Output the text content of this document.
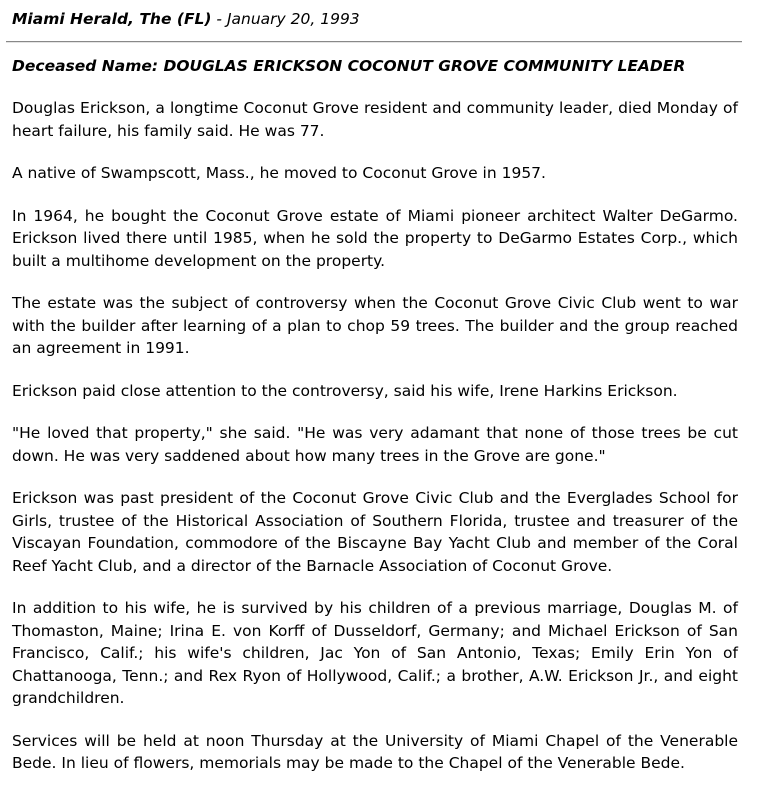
Miami Herald, The (FL) - January 20, 1993
Deceased Name: DOUGLAS ERICKSON COCONUT GROVE COMMUNITY LEADER

Douglas Erickson, a longtime Coconut Grove resident and community leader, died Monday of heart failure, his family said. He was 77.

A native of Swampscott, Mass., he moved to Coconut Grove in 1957.

In 1964, he bought the Coconut Grove estate of Miami pioneer architect Walter DeGarmo. Erickson lived there until 1985, when he sold the property to DeGarmo Estates Corp., which built a multihome development on the property.

The estate was the subject of controversy when the Coconut Grove Civic Club went to war with the builder after learning of a plan to chop 59 trees. The builder and the group reached an agreement in 1991.

Erickson paid close attention to the controversy, said his wife, Irene Harkins Erickson.

"He loved that property," she said. "He was very adamant that none of those trees be cut down. He was very saddened about how many trees in the Grove are gone."

Erickson was past president of the Coconut Grove Civic Club and the Everglades School for Girls, trustee of the Historical Association of Southern Florida, trustee and treasurer of the Viscayan Foundation, commodore of the Biscayne Bay Yacht Club and member of the Coral Reef Yacht Club, and a director of the Barnacle Association of Coconut Grove.

In addition to his wife, he is survived by his children of a previous marriage, Douglas M. of Thomaston, Maine; Irina E. von Korff of Dusseldorf, Germany; and Michael Erickson of San Francisco, Calif.; his wife's children, Jac Yon of San Antonio, Texas; Emily Erin Yon of Chattanooga, Tenn.; and Rex Ryon of Hollywood, Calif.; a brother, A.W. Erickson Jr., and eight grandchildren.

Services will be held at noon Thursday at the University of Miami Chapel of the Venerable Bede. In lieu of flowers, memorials may be made to the Chapel of the Venerable Bede.
